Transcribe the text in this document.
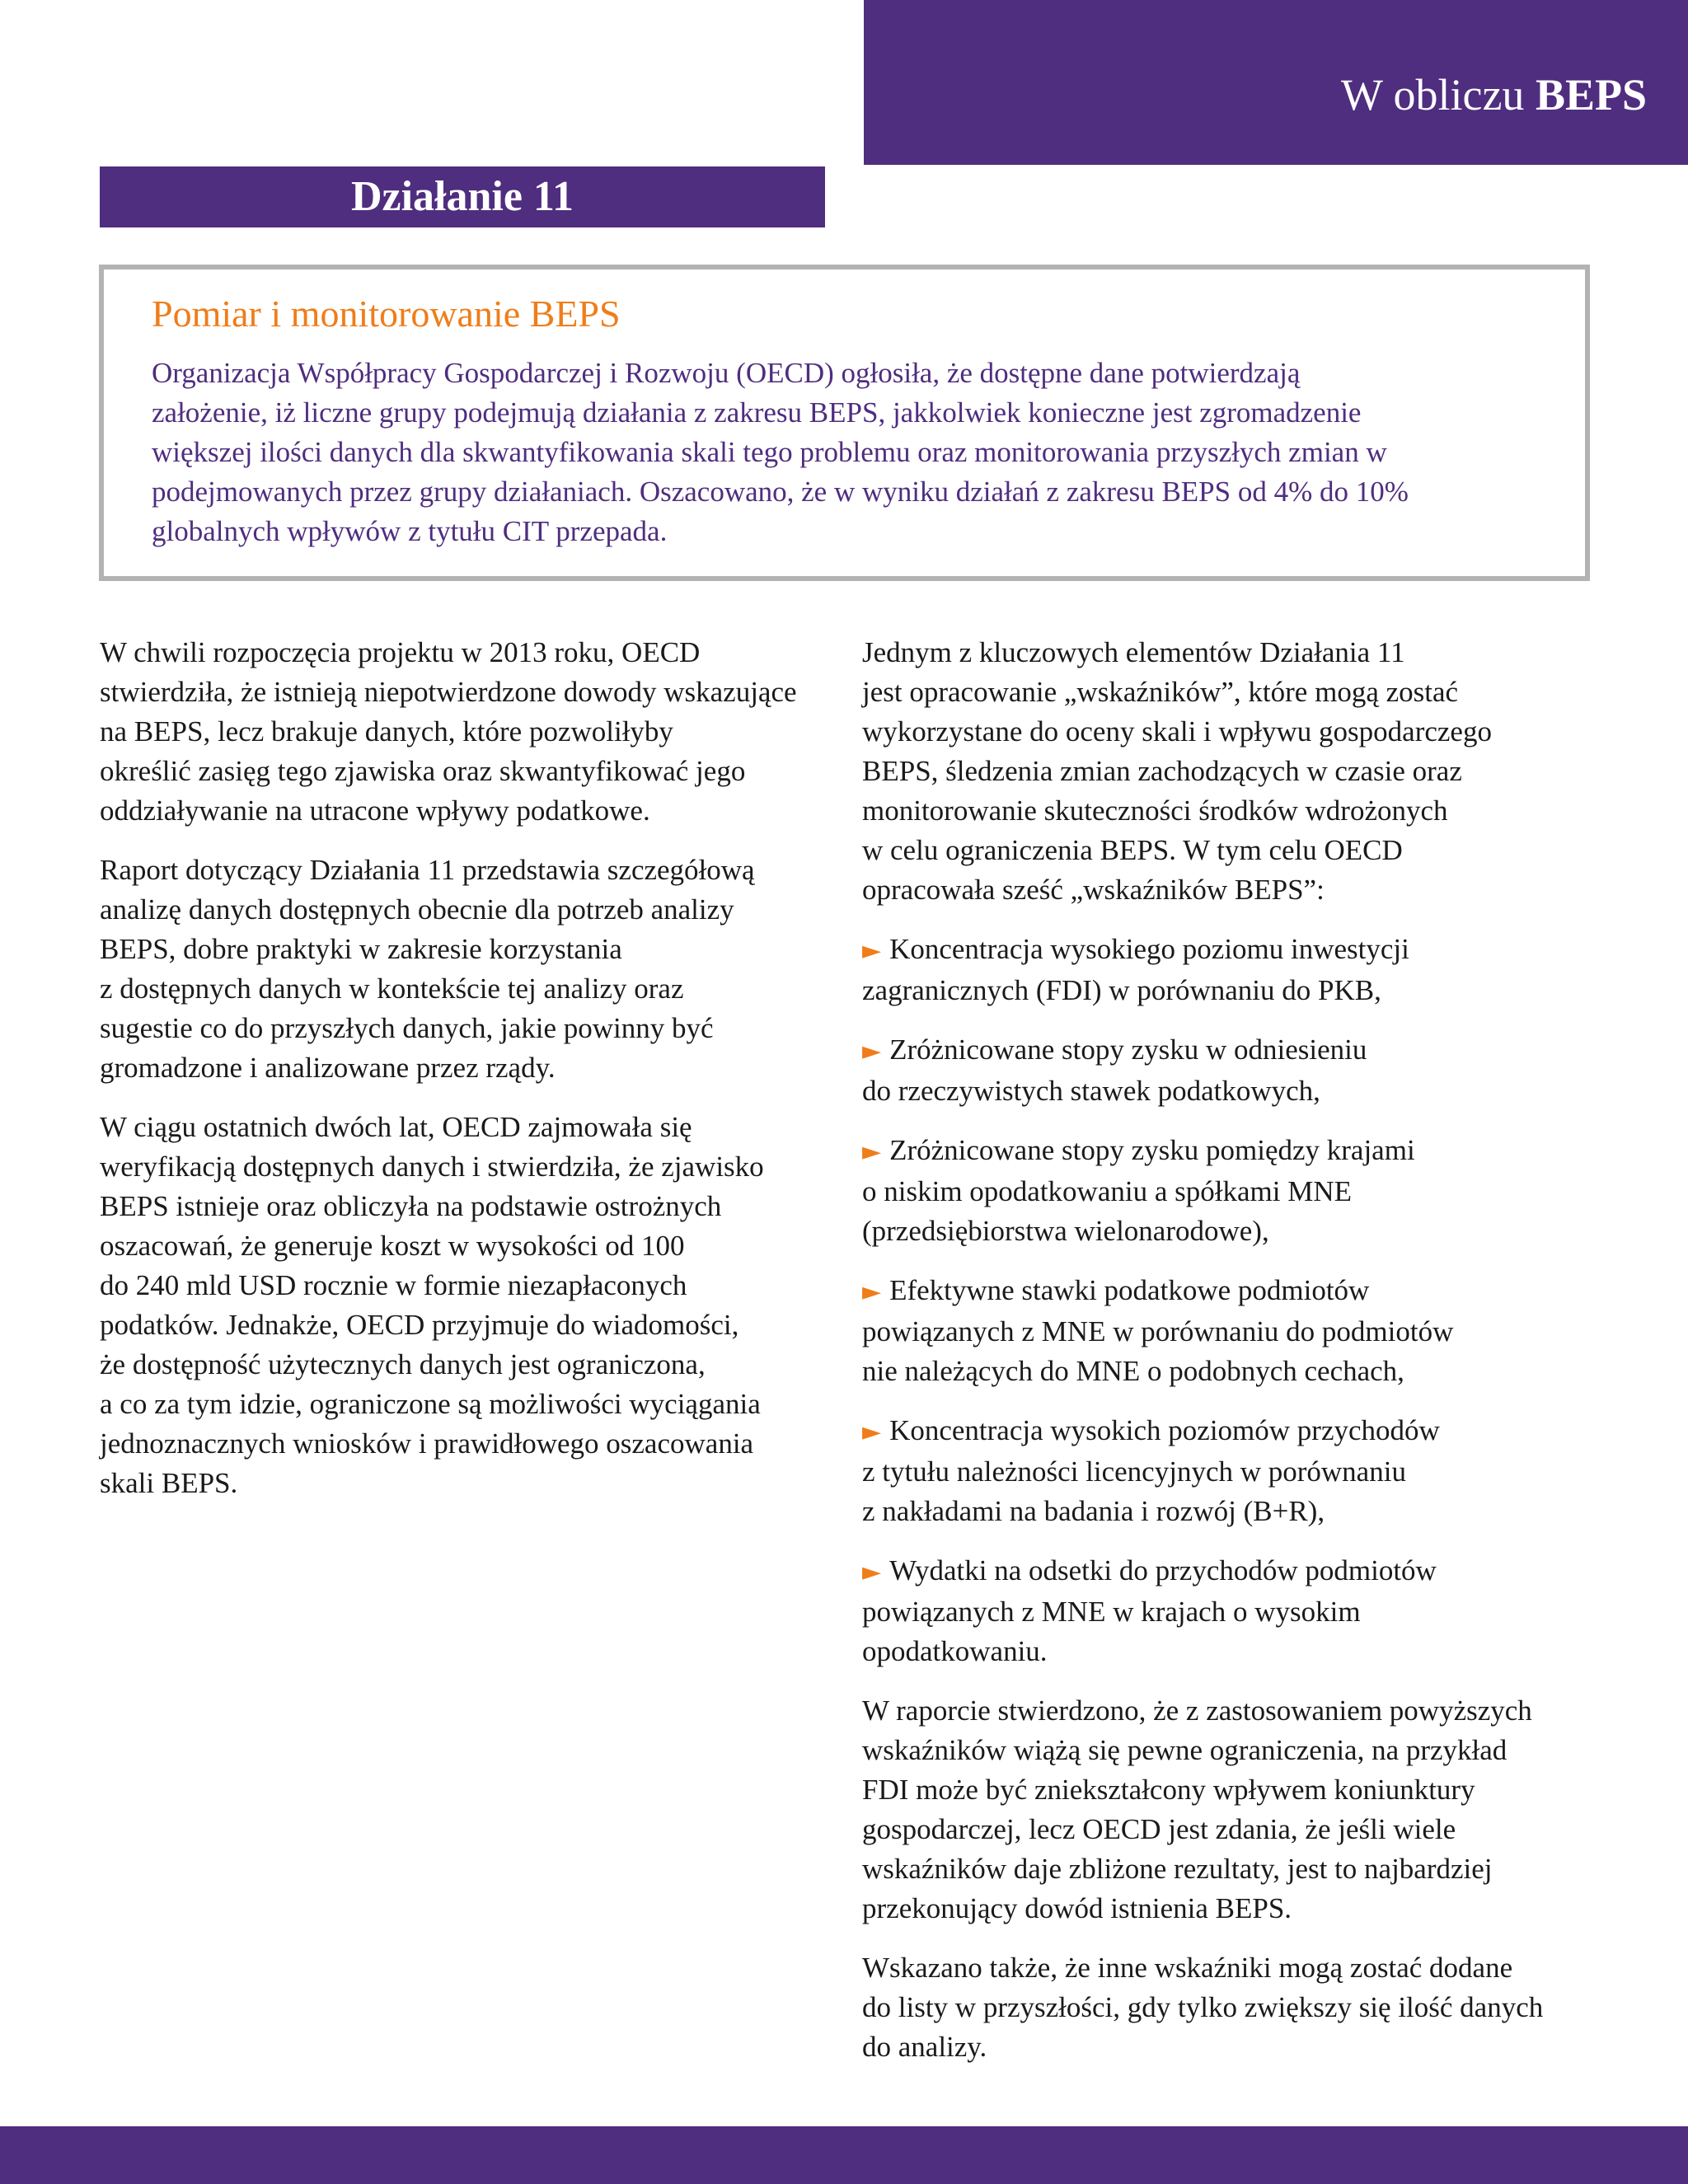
W obliczu BEPS
Działanie 11
Pomiar i monitorowanie BEPS

Organizacja Współpracy Gospodarczej i Rozwoju (OECD) ogłosiła, że dostępne dane potwierdzają
założenie, iż liczne grupy podejmują działania z zakresu BEPS, jakkolwiek konieczne jest zgromadzenie
większej ilości danych dla skwantyfikowania skali tego problemu oraz monitorowania przyszłych zmian w
podejmowanych przez grupy działaniach. Oszacowano, że w wyniku działań z zakresu BEPS od 4% do 10%
globalnych wpływów z tytułu CIT przepada.

W chwili rozpoczęcia projektu w 2013 roku, OECD
stwierdziła, że istnieją niepotwierdzone dowody wskazujące
na BEPS, lecz brakuje danych, które pozwoliłyby
określić zasięg tego zjawiska oraz skwantyfikować jego
oddziaływanie na utracone wpływy podatkowe.

Raport dotyczący Działania 11 przedstawia szczegółową
analizę danych dostępnych obecnie dla potrzeb analizy
BEPS, dobre praktyki w zakresie korzystania
z dostępnych danych w kontekście tej analizy oraz
sugestie co do przyszłych danych, jakie powinny być
gromadzone i analizowane przez rządy.

W ciągu ostatnich dwóch lat, OECD zajmowała się
weryfikacją dostępnych danych i stwierdziła, że zjawisko
BEPS istnieje oraz obliczyła na podstawie ostrożnych
oszacowań, że generuje koszt w wysokości od 100
do 240 mld USD rocznie w formie niezapłaconych
podatków. Jednakże, OECD przyjmuje do wiadomości,
że dostępność użytecznych danych jest ograniczona,
a co za tym idzie, ograniczone są możliwości wyciągania
jednoznacznych wniosków i prawidłowego oszacowania
skali BEPS.

Jednym z kluczowych elementów Działania 11
jest opracowanie „wskaźników”, które mogą zostać
wykorzystane do oceny skali i wpływu gospodarczego
BEPS, śledzenia zmian zachodzących w czasie oraz
monitorowanie skuteczności środków wdrożonych
w celu ograniczenia BEPS. W tym celu OECD
opracowała sześć „wskaźników BEPS”:

► Koncentracja wysokiego poziomu inwestycji
zagranicznych (FDI) w porównaniu do PKB,
► Zróżnicowane stopy zysku w odniesieniu
do rzeczywistych stawek podatkowych,
► Zróżnicowane stopy zysku pomiędzy krajami
o niskim opodatkowaniu a spółkami MNE
(przedsiębiorstwa wielonarodowe),
► Efektywne stawki podatkowe podmiotów
powiązanych z MNE w porównaniu do podmiotów
nie należących do MNE o podobnych cechach,
► Koncentracja wysokich poziomów przychodów
z tytułu należności licencyjnych w porównaniu
z nakładami na badania i rozwój (B+R),
► Wydatki na odsetki do przychodów podmiotów
powiązanych z MNE w krajach o wysokim
opodatkowaniu.

W raporcie stwierdzono, że z zastosowaniem powyższych
wskaźników wiążą się pewne ograniczenia, na przykład
FDI może być zniekształcony wpływem koniunktury
gospodarczej, lecz OECD jest zdania, że jeśli wiele
wskaźników daje zbliżone rezultaty, jest to najbardziej
przekonujący dowód istnienia BEPS.

Wskazano także, że inne wskaźniki mogą zostać dodane
do listy w przyszłości, gdy tylko zwiększy się ilość danych
do analizy.
